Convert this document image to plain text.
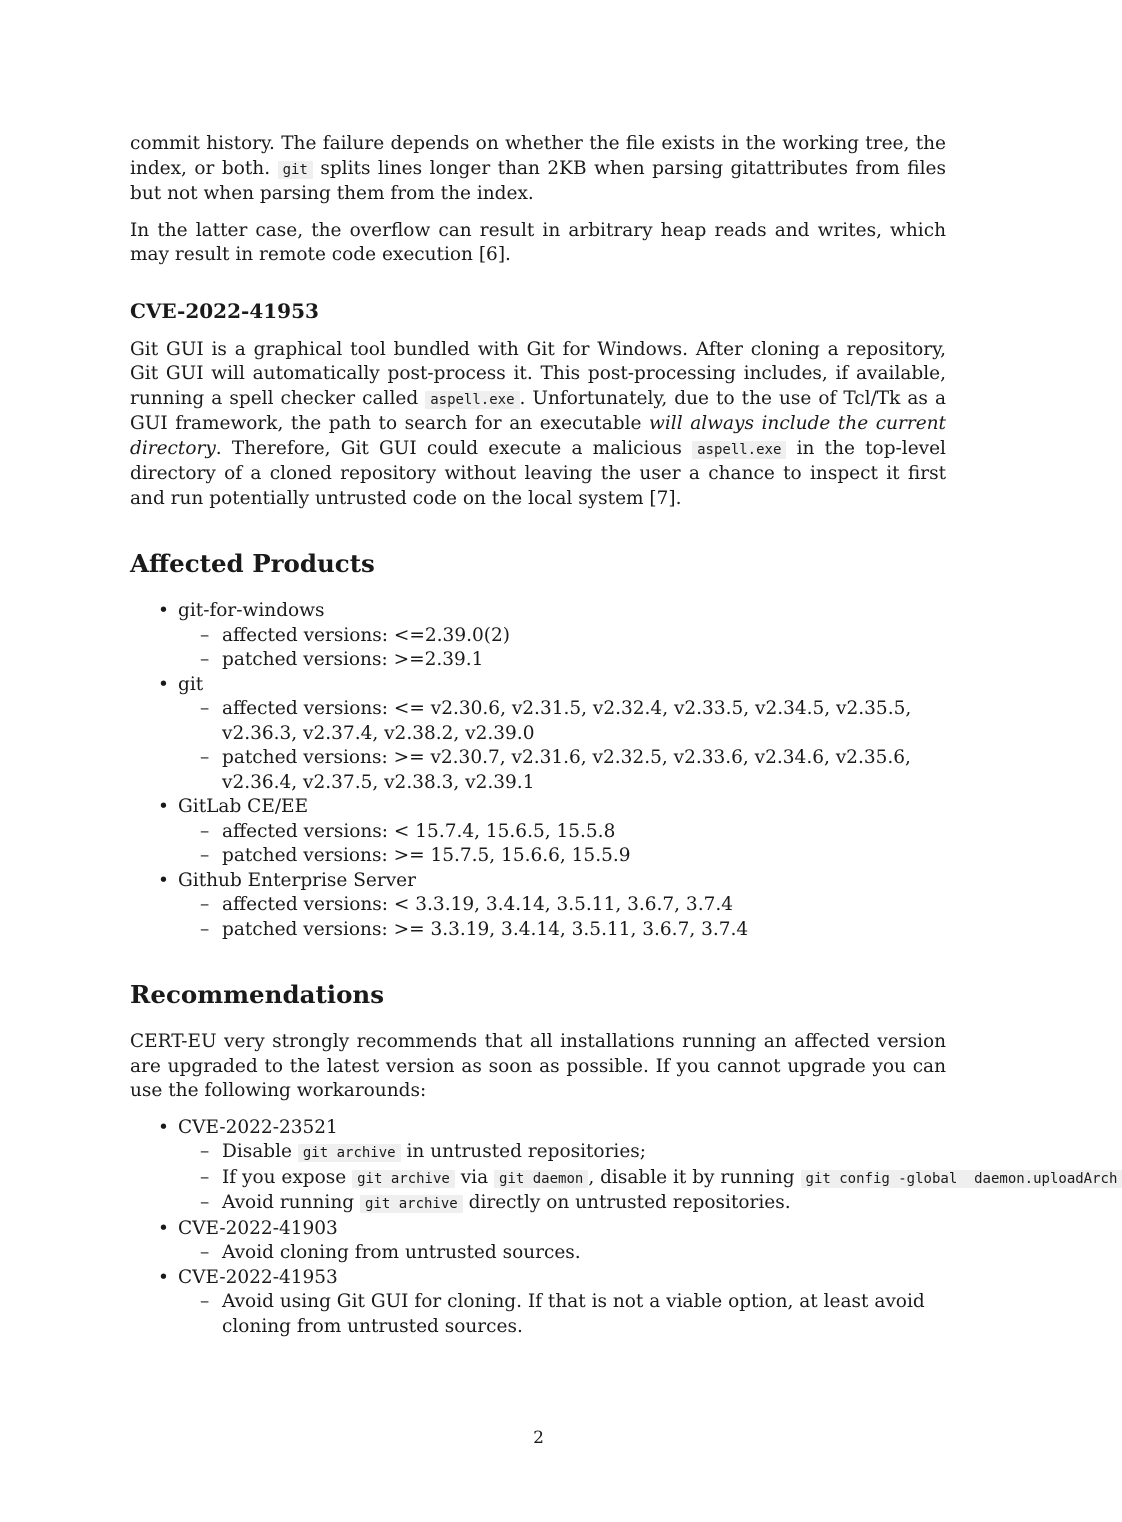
commit history. The failure depends on whether the file exists in the working tree, the index, or both. git splits lines longer than 2KB when parsing gitattributes from files but not when parsing them from the index.

In the latter case, the overflow can result in arbitrary heap reads and writes, which may result in remote code execution [6].

CVE-2022-41953

Git GUI is a graphical tool bundled with Git for Windows. After cloning a repository, Git GUI will automatically post-process it. This post-processing includes, if available, running a spell checker called aspell.exe . Unfortunately, due to the use of Tcl/Tk as a GUI framework, the path to search for an executable will always include the current directory. Therefore, Git GUI could execute a malicious aspell.exe in the top-level directory of a cloned repository without leaving the user a chance to inspect it first and run potentially untrusted code on the local system [7].

Affected Products
• git-for-windows
– affected versions: <=2.39.0(2)
– patched versions: >=2.39.1
• git
– affected versions: <= v2.30.6, v2.31.5, v2.32.4, v2.33.5, v2.34.5, v2.35.5, v2.36.3, v2.37.4, v2.38.2, v2.39.0
– patched versions: >= v2.30.7, v2.31.6, v2.32.5, v2.33.6, v2.34.6, v2.35.6, v2.36.4, v2.37.5, v2.38.3, v2.39.1
• GitLab CE/EE
– affected versions: < 15.7.4, 15.6.5, 15.5.8
– patched versions: >= 15.7.5, 15.6.6, 15.5.9
• Github Enterprise Server
– affected versions: < 3.3.19, 3.4.14, 3.5.11, 3.6.7, 3.7.4
– patched versions: >= 3.3.19, 3.4.14, 3.5.11, 3.6.7, 3.7.4
Recommendations

CERT-EU very strongly recommends that all installations running an affected version are upgraded to the latest version as soon as possible. If you cannot upgrade you can use the following workarounds:

• CVE-2022-23521
– Disable git archive in untrusted repositories;
– If you expose git archive via git daemon , disable it by running git config -global  daemon.uploadArch
– Avoid running git archive directly on untrusted repositories.
• CVE-2022-41903
– Avoid cloning from untrusted sources.
• CVE-2022-41953
– Avoid using Git GUI for cloning. If that is not a viable option, at least avoid cloning from untrusted sources.
2
